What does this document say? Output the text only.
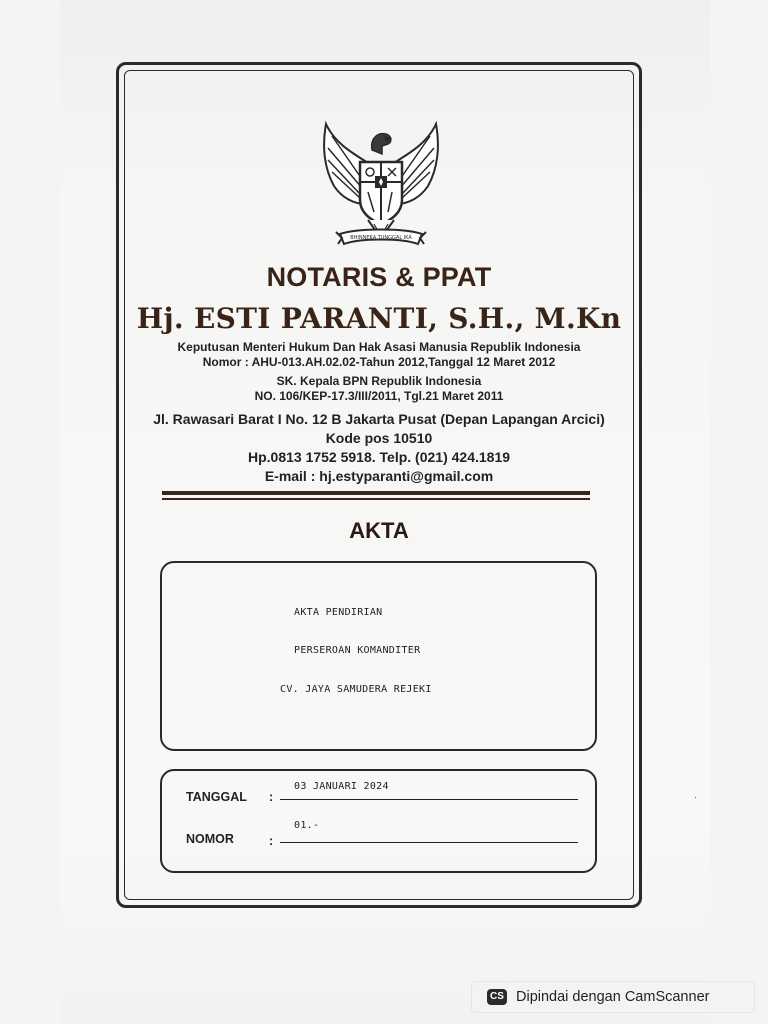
BHINNEKA TUNGGAL IKA
NOTARIS & PPAT
Hj. ESTI PARANTI, S.H., M.Kn
Keputusan Menteri Hukum Dan Hak Asasi Manusia Republik Indonesia
Nomor : AHU-013.AH.02.02-Tahun 2012,Tanggal 12 Maret 2012
SK. Kepala BPN Republik Indonesia
NO. 106/KEP-17.3/III/2011, Tgl.21 Maret 2011
Jl. Rawasari Barat I No. 12 B Jakarta Pusat (Depan Lapangan Arcici)
Kode pos 10510
Hp.0813 1752 5918. Telp. (021) 424.1819
E-mail : hj.estyparanti@gmail.com
AKTA
AKTA PENDIRIAN
PERSEROAN KOMANDITER
CV. JAYA SAMUDERA REJEKI
TANGGAL :
03 JANUARI 2024
NOMOR	:
01.-
·
CS Dipindai dengan CamScanner
